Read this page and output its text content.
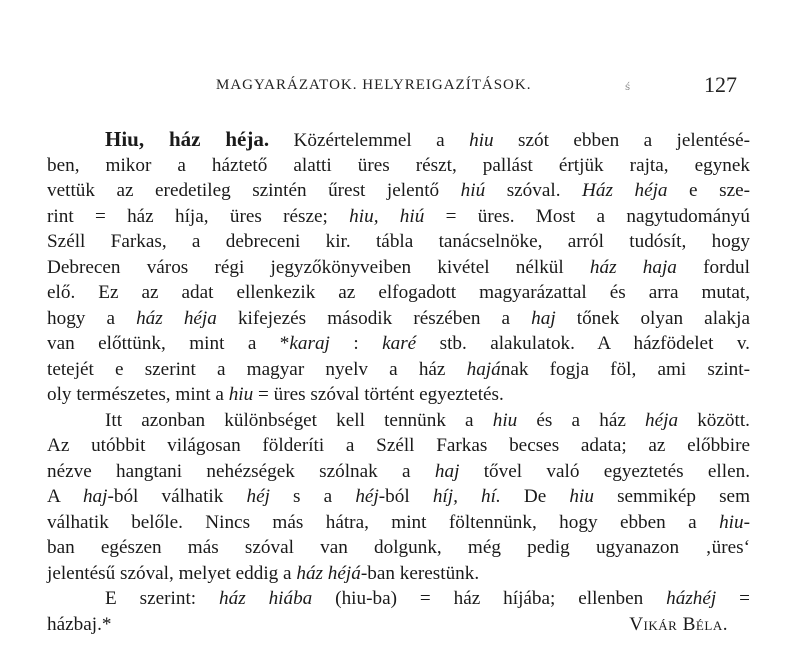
MAGYARÁZATOK. HELYREIGAZÍTÁSOK.	ś	127
Hiu, ház héja. Közértelemmel a hiu szót ebben a jelentésé-
ben, mikor a háztető alatti üres részt, pallást értjük rajta, egynek
vettük az eredetileg szintén űrest jelentő hiú szóval. Ház héja e sze-
rint = ház híja, üres része; hiu, hiú = üres. Most a nagytudományú
Széll Farkas, a debreceni kir. tábla tanácselnöke, arról tudósít, hogy
Debrecen város régi jegyzőkönyveiben kivétel nélkül ház haja fordul
elő. Ez az adat ellenkezik az elfogadott magyarázattal és arra mutat,
hogy a ház héja kifejezés második részében a haj tőnek olyan alakja
van előttünk, mint a *karaj : karé stb. alakulatok. A házfödelet v.
tetejét e szerint a magyar nyelv a ház hajának fogja föl, ami szint-
oly természetes, mint a hiu = üres szóval történt egyeztetés.
Itt azonban különbséget kell tennünk a hiu és a ház héja között.
Az utóbbit világosan földeríti a Széll Farkas becses adata; az előbbire
nézve hangtani nehézségek szólnak a haj tővel való egyeztetés ellen.
A haj-ból válhatik héj s a héj-ból híj, hí. De hiu semmikép sem
válhatik belőle. Nincs más hátra, mint föltennünk, hogy ebben a hiu-
ban egészen más szóval van dolgunk, még pedig ugyanazon ‚üres‘
jelentésű szóval, melyet eddig a ház héjá-ban kerestünk.
E szerint: ház hiába (hiu-ba) = ház híjába; ellenben házhéj =
házbaj.*	Vikár Béla.
